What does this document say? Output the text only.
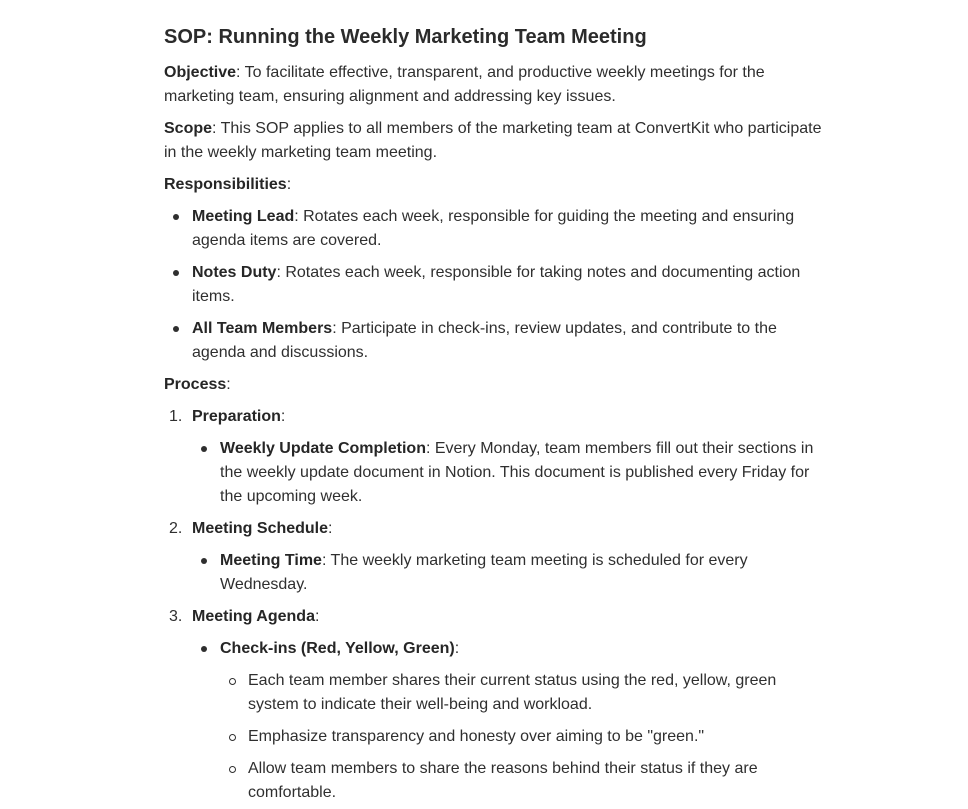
SOP: Running the Weekly Marketing Team Meeting

Objective: To facilitate effective, transparent, and productive weekly meetings for the marketing team, ensuring alignment and addressing key issues.

Scope: This SOP applies to all members of the marketing team at ConvertKit who participate in the weekly marketing team meeting.

Responsibilities:

Meeting Lead: Rotates each week, responsible for guiding the meeting and ensuring agenda items are covered.
Notes Duty: Rotates each week, responsible for taking notes and documenting action items.
All Team Members: Participate in check-ins, review updates, and contribute to the agenda and discussions.

Process:

1. Preparation:
Weekly Update Completion: Every Monday, team members fill out their sections in the weekly update document in Notion. This document is published every Friday for the upcoming week.
2. Meeting Schedule:
Meeting Time: The weekly marketing team meeting is scheduled for every Wednesday.
3. Meeting Agenda:
Check-ins (Red, Yellow, Green):
Each team member shares their current status using the red, yellow, green system to indicate their well-being and workload.
Emphasize transparency and honesty over aiming to be "green."
Allow team members to share the reasons behind their status if they are comfortable.
